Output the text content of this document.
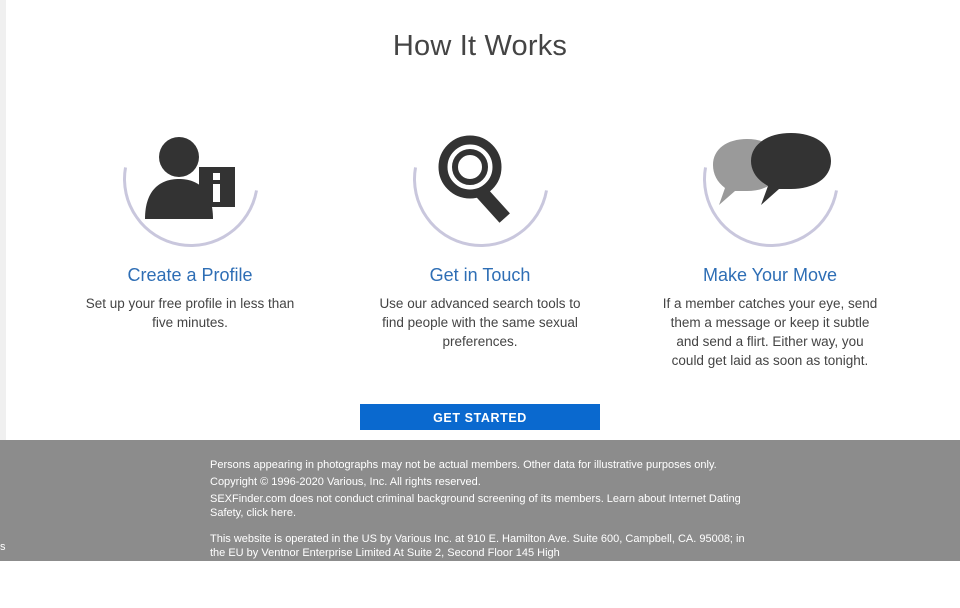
How It Works
Create a Profile
Set up your free profile in less than five minutes.
Get in Touch
Use our advanced search tools to find people with the same sexual preferences.
Make Your Move
If a member catches your eye, send them a message or keep it subtle and send a flirt. Either way, you could get laid as soon as tonight.
GET STARTED

Persons appearing in photographs may not be actual members. Other data for illustrative purposes only.

Copyright © 1996-2020 Various, Inc. All rights reserved.

SEXFinder.com does not conduct criminal background screening of its members. Learn about Internet Dating Safety, click here.

This website is operated in the US by Various Inc. at 910 E. Hamilton Ave. Suite 600, Campbell, CA. 95008; in the EU by Ventnor Enterprise Limited At Suite 2, Second Floor 145 High

Australia by Magnus Processing PTY Ltd.,85 Torquay Rd. QLD 4165 Redland Bay, Queensland, Australia; in Singapore by Sinric Processing Pte Ltd.,531A Upper Cross St. #04-95 Hon

Contact us at 888-575-8383 (US toll-free), 0800 098 8311(UK toll-free), 1800 954 607 (AU toll-free).

s
